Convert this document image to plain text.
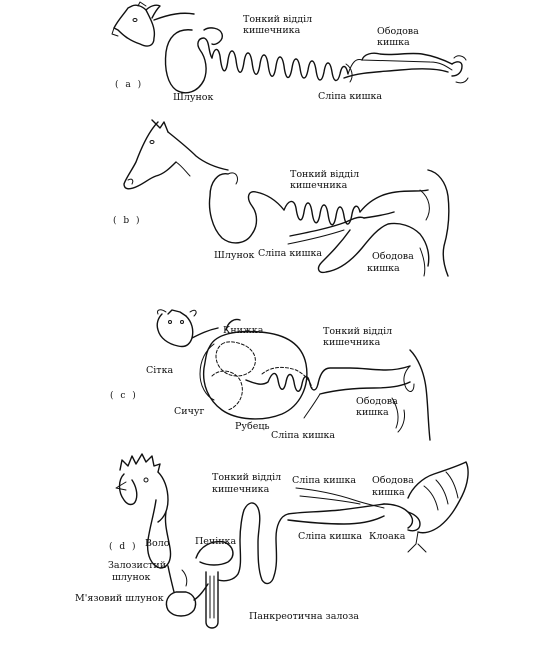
( a )
Тонкий відділ
кишечника	Ободова
кишка
Шлунок	Сліпа кишка
( b )
Тонкий відділ
кишечника
Шлунок Сліпа кишка	Ободова
кишка
( c )
Книжка	Тонкий відділ
кишечника
Сітка
Сичуг
Рубець
Сліпа кишка
Ободова
кишка
( d )
Тонкий відділ
кишечника
Сліпа кишка Ободова
кишка
Воло	Печінка	Сліпа кишка Клоака
Залозистий
шлунок
М'язовий шлунок
Панкреотична залоза
